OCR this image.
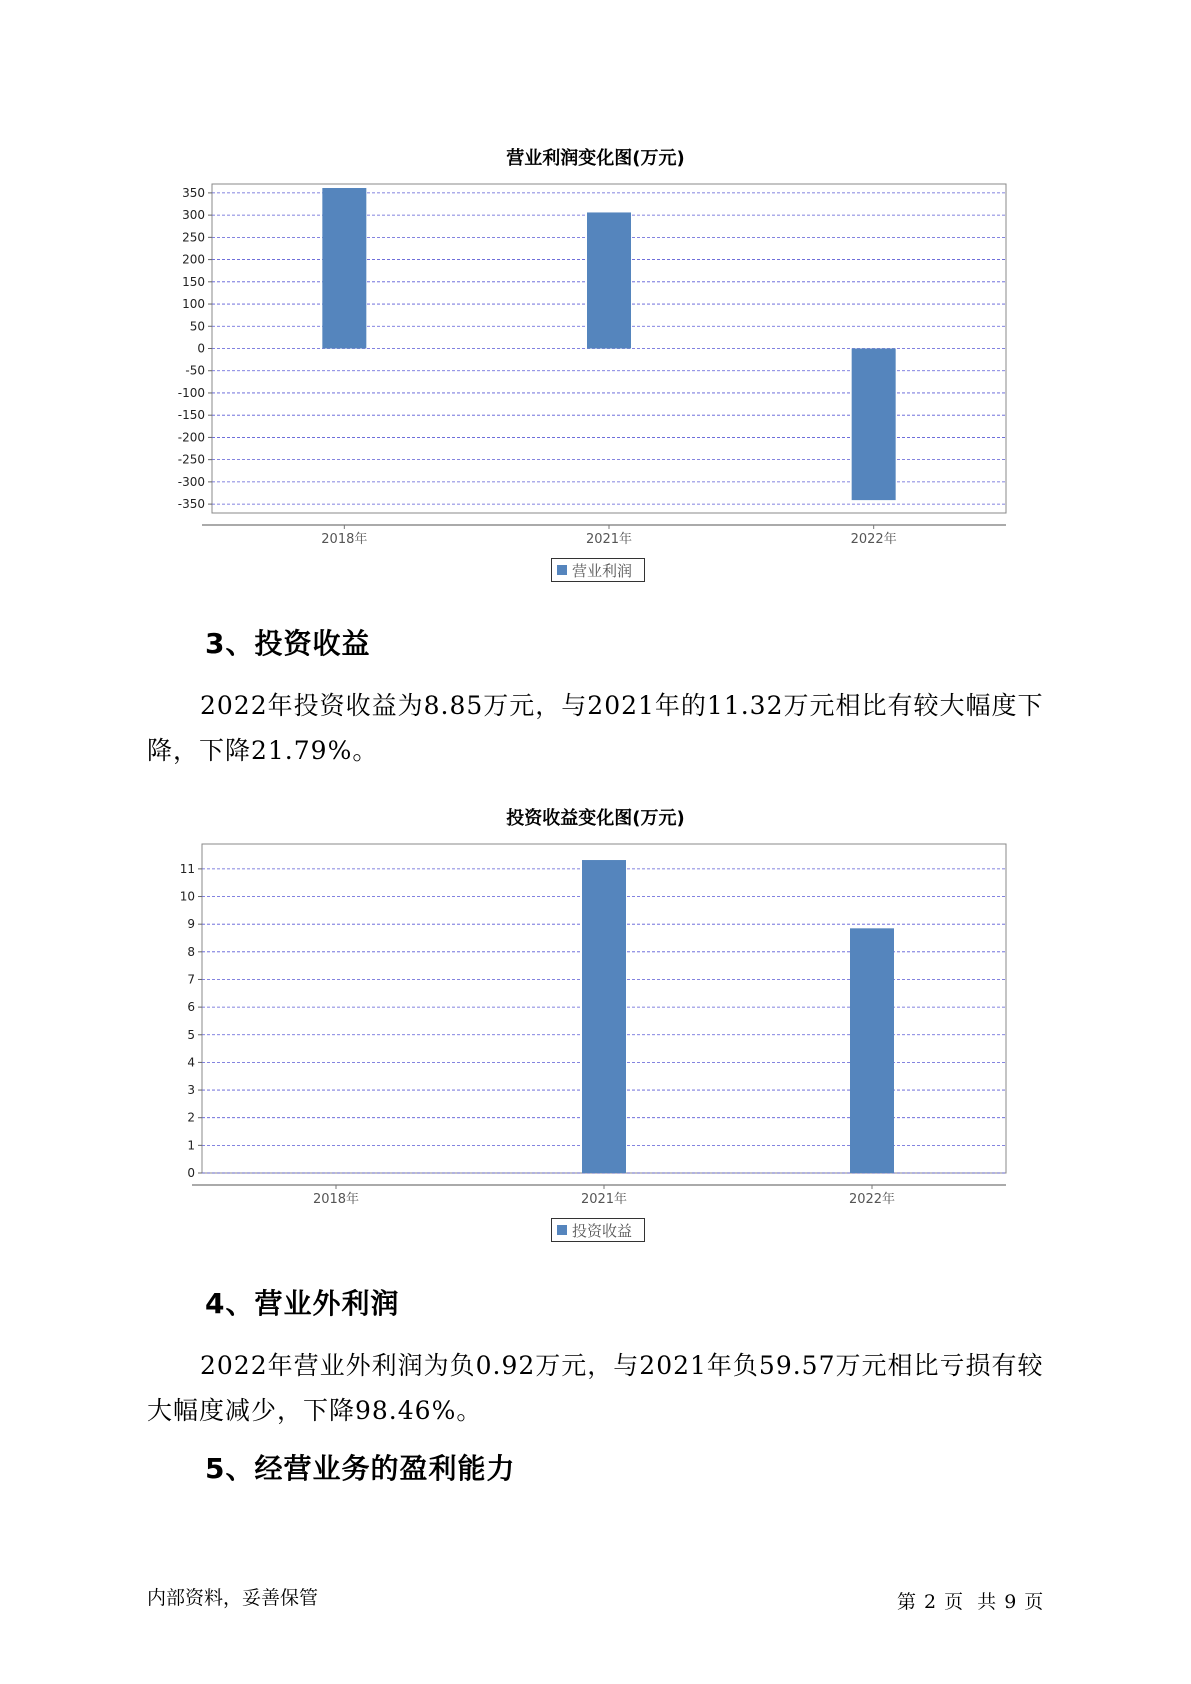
营业利润变化图(万元)
350
300
250
200
150
100
50
0
-50
-100
-150
-200
-250
-300
-350
2018年	2021年	2022年
营业利润
3、投资收益
2022年投资收益为8.85万元，与2021年的11.32万元相比有较大幅度下降，下降21.79%。
投资收益变化图(万元)
11
10
9
8
7
6
5
4
3
2
1
0
2018年	2021年	2022年
投资收益
4、营业外利润
2022年营业外利润为负0.92万元，与2021年负59.57万元相比亏损有较大幅度减少，下降98.46%。
5、经营业务的盈利能力
内部资料，妥善保管	第 2 页 共 9 页
